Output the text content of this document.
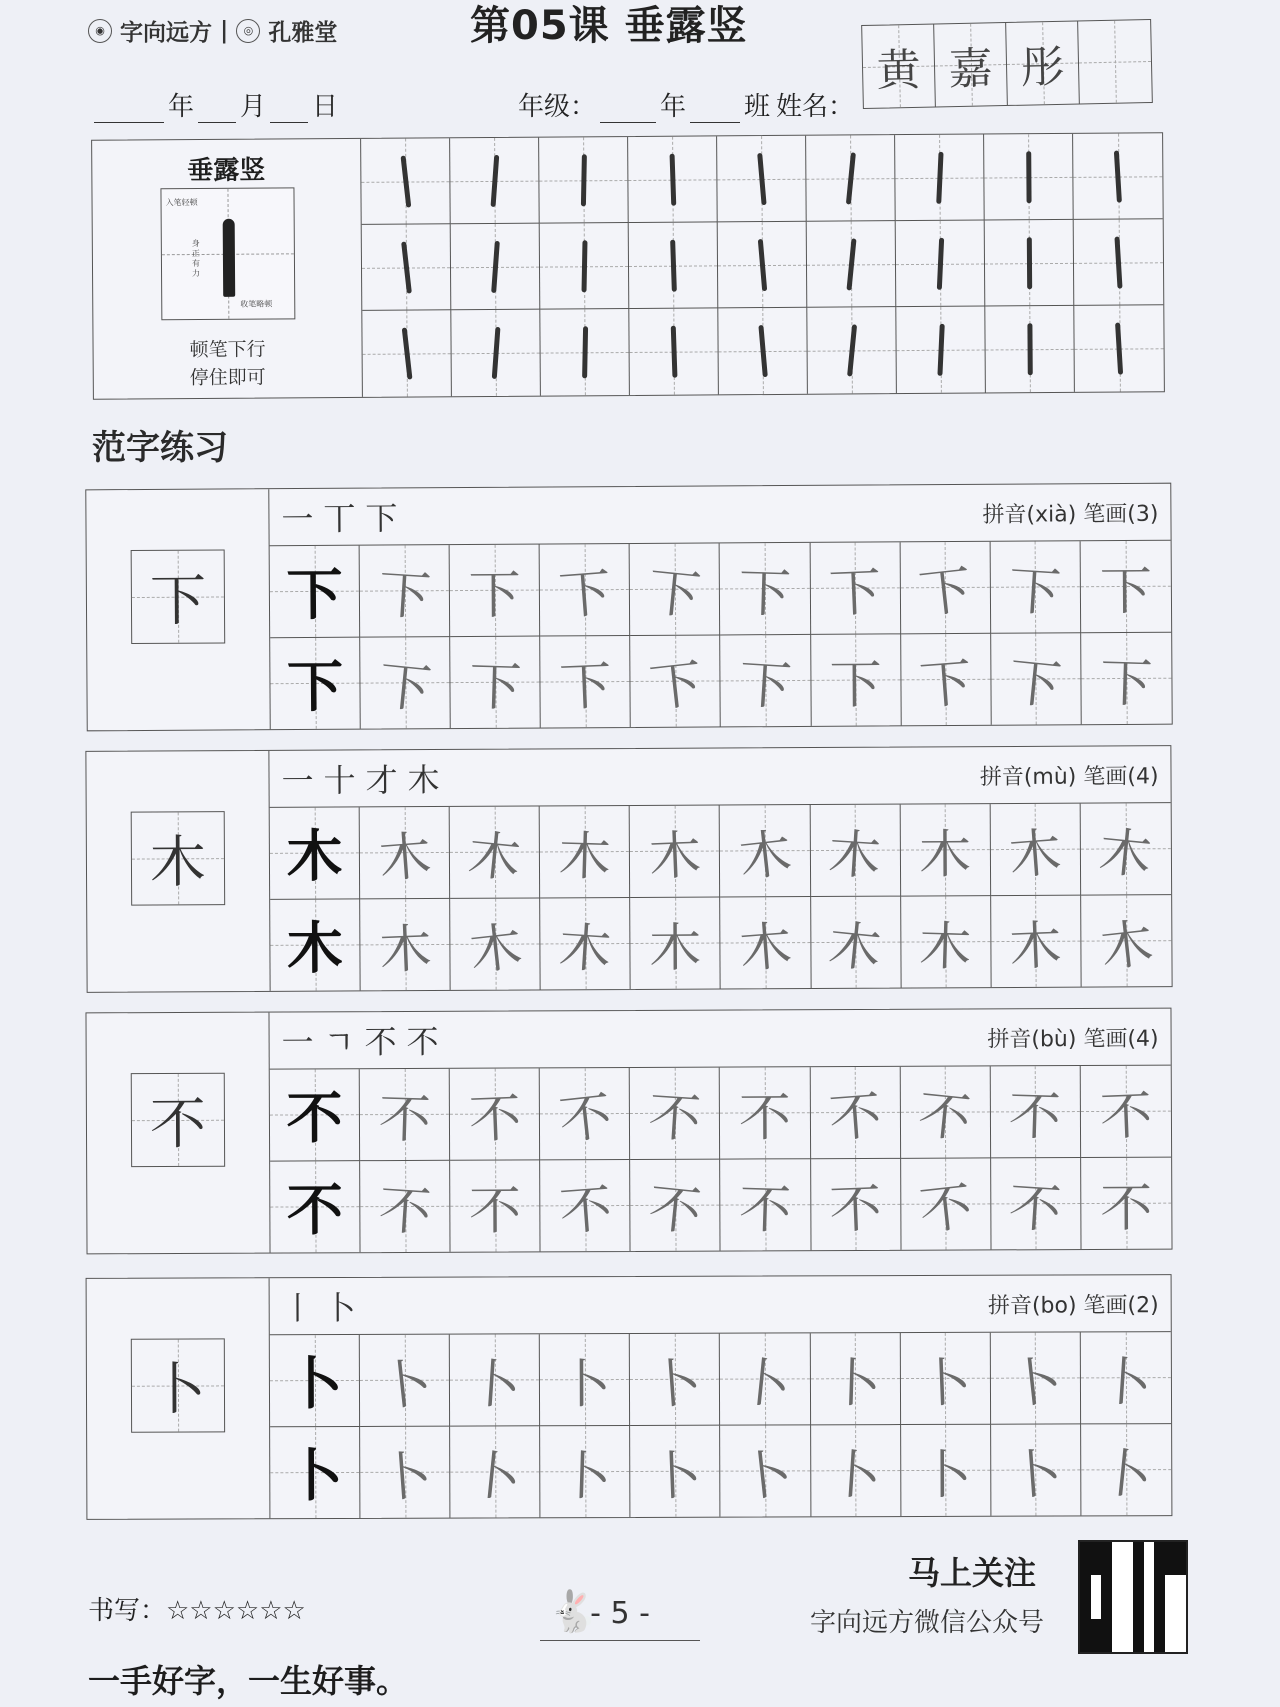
◉ 字向远方 |	◎ 孔雅堂	第05课 垂露竖
年 月 日	年级： 年 班 姓名：
黄 嘉 彤
垂露竖
入笔轻顿
身正有力
收笔略顿
顿笔下行
停住即可
范字练习
下
一丅下	拼音(xià) 笔画(3)
下 下 下 下 下 下 下 下 下 下
下 下 下 下 下 下 下 下 下 下
木
一十才木	拼音(mù) 笔画(4)
木 木 木 木 木 木 木 木 木 木
木 木 木 木 木 木 木 木 木 木
不
一ㄱ不不	拼音(bù) 笔画(4)
不 不 不 不 不 不 不 不 不 不
不 不 不 不 不 不 不 不 不 不
卜
丨卜	拼音(bo) 笔画(2)
卜 卜 卜 卜 卜 卜 卜 卜 卜 卜
卜 卜 卜 卜 卜 卜 卜 卜 卜 卜
马上关注
字向远方微信公众号
书写：☆☆☆☆☆☆	🐇
- 5 -
一手好字，一生好事。
